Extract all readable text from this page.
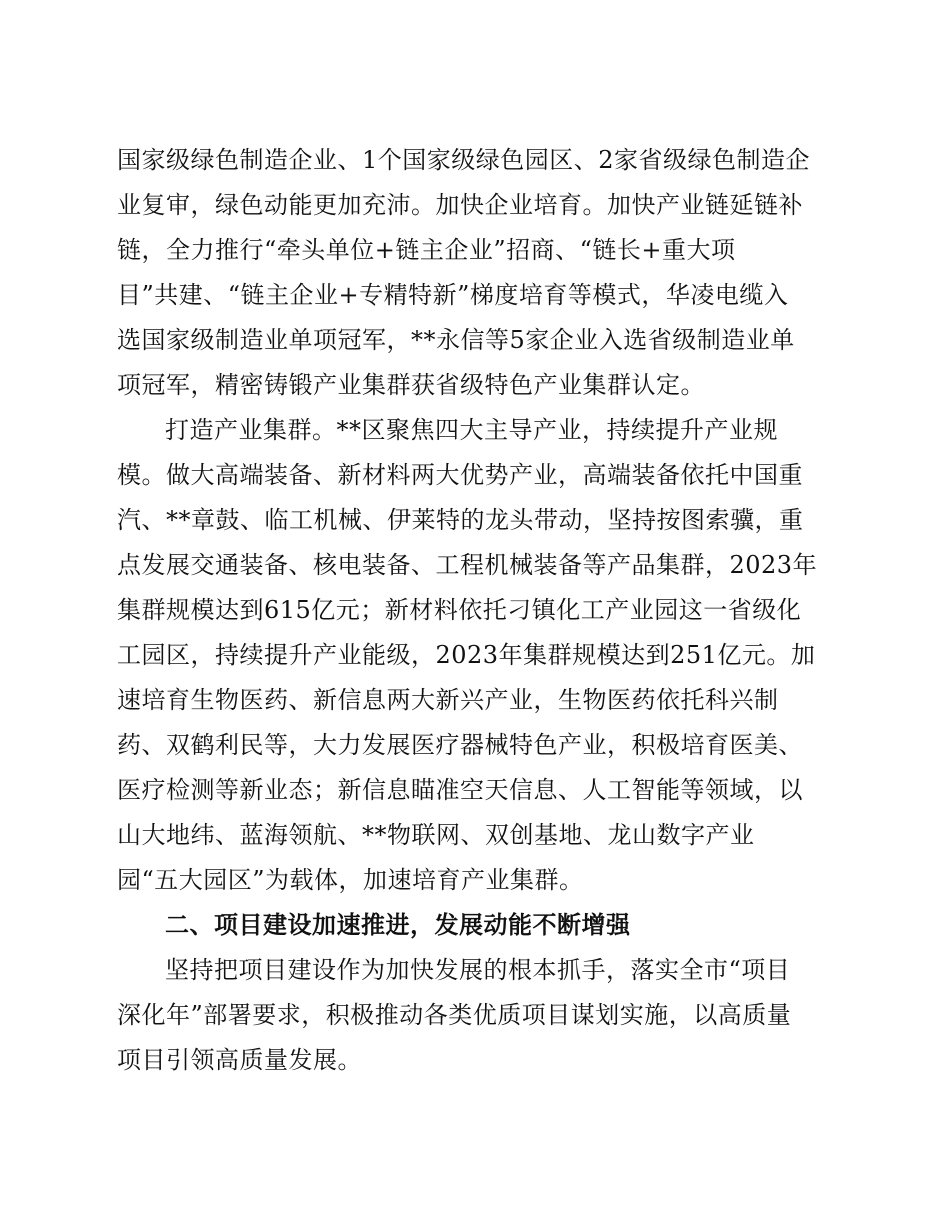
国家级绿色制造企业、1个国家级绿色园区、2家省级绿色制造企
业复审，绿色动能更加充沛。加快企业培育。加快产业链延链补
链，全力推行“牵头单位+链主企业”招商、“链长+重大项
目”共建、“链主企业+专精特新”梯度培育等模式，华凌电缆入
选国家级制造业单项冠军，**永信等5家企业入选省级制造业单
项冠军，精密铸锻产业集群获省级特色产业集群认定。
打造产业集群。**区聚焦四大主导产业，持续提升产业规
模。做大高端装备、新材料两大优势产业，高端装备依托中国重
汽、**章鼓、临工机械、伊莱特的龙头带动，坚持按图索骥，重
点发展交通装备、核电装备、工程机械装备等产品集群，2023年
集群规模达到615亿元；新材料依托刁镇化工产业园这一省级化
工园区，持续提升产业能级，2023年集群规模达到251亿元。加
速培育生物医药、新信息两大新兴产业，生物医药依托科兴制
药、双鹤利民等，大力发展医疗器械特色产业，积极培育医美、
医疗检测等新业态；新信息瞄准空天信息、人工智能等领域，以
山大地纬、蓝海领航、**物联网、双创基地、龙山数字产业
园“五大园区”为载体，加速培育产业集群。
二、项目建设加速推进，发展动能不断增强
坚持把项目建设作为加快发展的根本抓手，落实全市“项目
深化年”部署要求，积极推动各类优质项目谋划实施，以高质量
项目引领高质量发展。
